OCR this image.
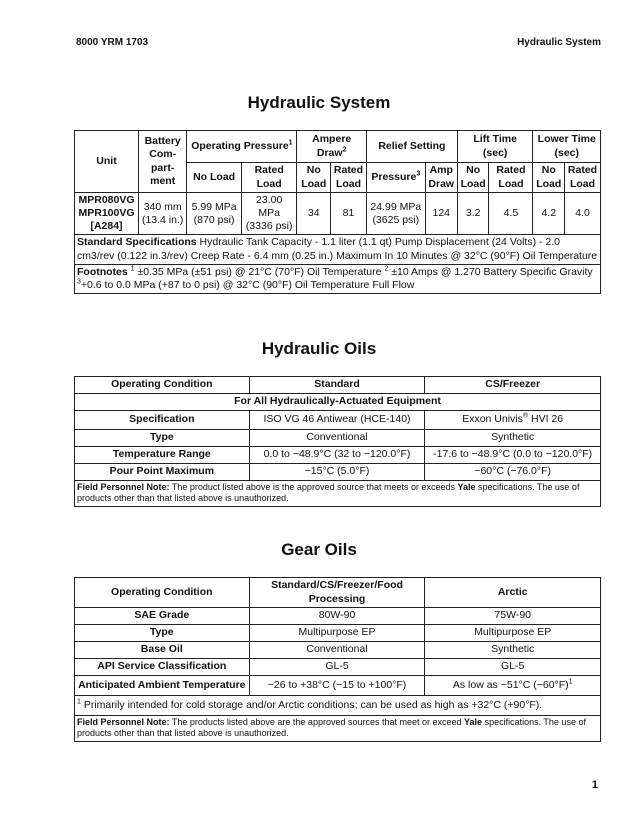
8000 YRM 1703	Hydraulic System
Hydraulic System
Unit	Battery Com- part- ment	Operating Pressure$^1$		Ampere Draw$^2$		Relief Setting		Lift Time (sec)		Lower Time (sec)	
		No Load	Rated Load	No Load	Rated Load	Pressure$^3$	Amp Draw	No Load	Rated Load	No Load	Rated Load
MPR080VG MPR100VG [A284]	340 mm (13.4 in.)	5.99 MPa (870 psi)	23.00 MPa (3336 psi)	34	81	24.99 MPa (3625 psi)	124	3.2	4.5	4.2	4.0
Standard Specifications Hydraulic Tank Capacity - 1.1 liter (1.1 qt) Pump Displacement (24 Volts) - 2.0 cm3/rev (0.122 in.3/rev) Creep Rate - 6.4 mm (0.25 in.) Maximum In 10 Minutes @ 32°C (90°F) Oil Temperature											
Footnotes $^1$ ±0.35 MPa (±51 psi) @ 21°C (70°F) Oil Temperature $^2$ ±10 Amps @ 1.270 Battery Specific Gravity $^3$+0.6 to 0.0 MPa (+87 to 0 psi) @ 32°C (90°F) Oil Temperature Full Flow											
Hydraulic Oils
Operating Condition	Standard	CS/Freezer
For All Hydraulically-Actuated Equipment		
Specification	ISO VG 46 Antiwear (HCE-140)	Exxon Univis® HVI 26
Type	Conventional	Synthetic
Temperature Range	0.0 to −48.9°C (32 to −120.0°F)	-17.6 to −48.9°C (0.0 to −120.0°F)
Pour Point Maximum	−15°C (5.0°F)	−60°C (−76.0°F)
Field Personnel Note: The product listed above is the approved source that meets or exceeds Yale specifications. The use of products other than that listed above is unauthorized.		
Gear Oils
Operating Condition	Standard/CS/Freezer/Food Processing	Arctic
SAE Grade	80W-90	75W-90
Type	Multipurpose EP	Multipurpose EP
Base Oil	Conventional	Synthetic
API Service Classification	GL-5	GL-5
Anticipated Ambient Temperature	−26 to +38°C (−15 to +100°F)	As low as −51°C $(-60^\circ F)^1$
$^1$ Primarily intended for cold storage and/or Arctic conditions; can be used as high as +32°C (+90°F).		
Field Personnel Note: The products listed above are the approved sources that meet or exceed Yale specifications. The use of products other than that listed above is unauthorized.		
1
